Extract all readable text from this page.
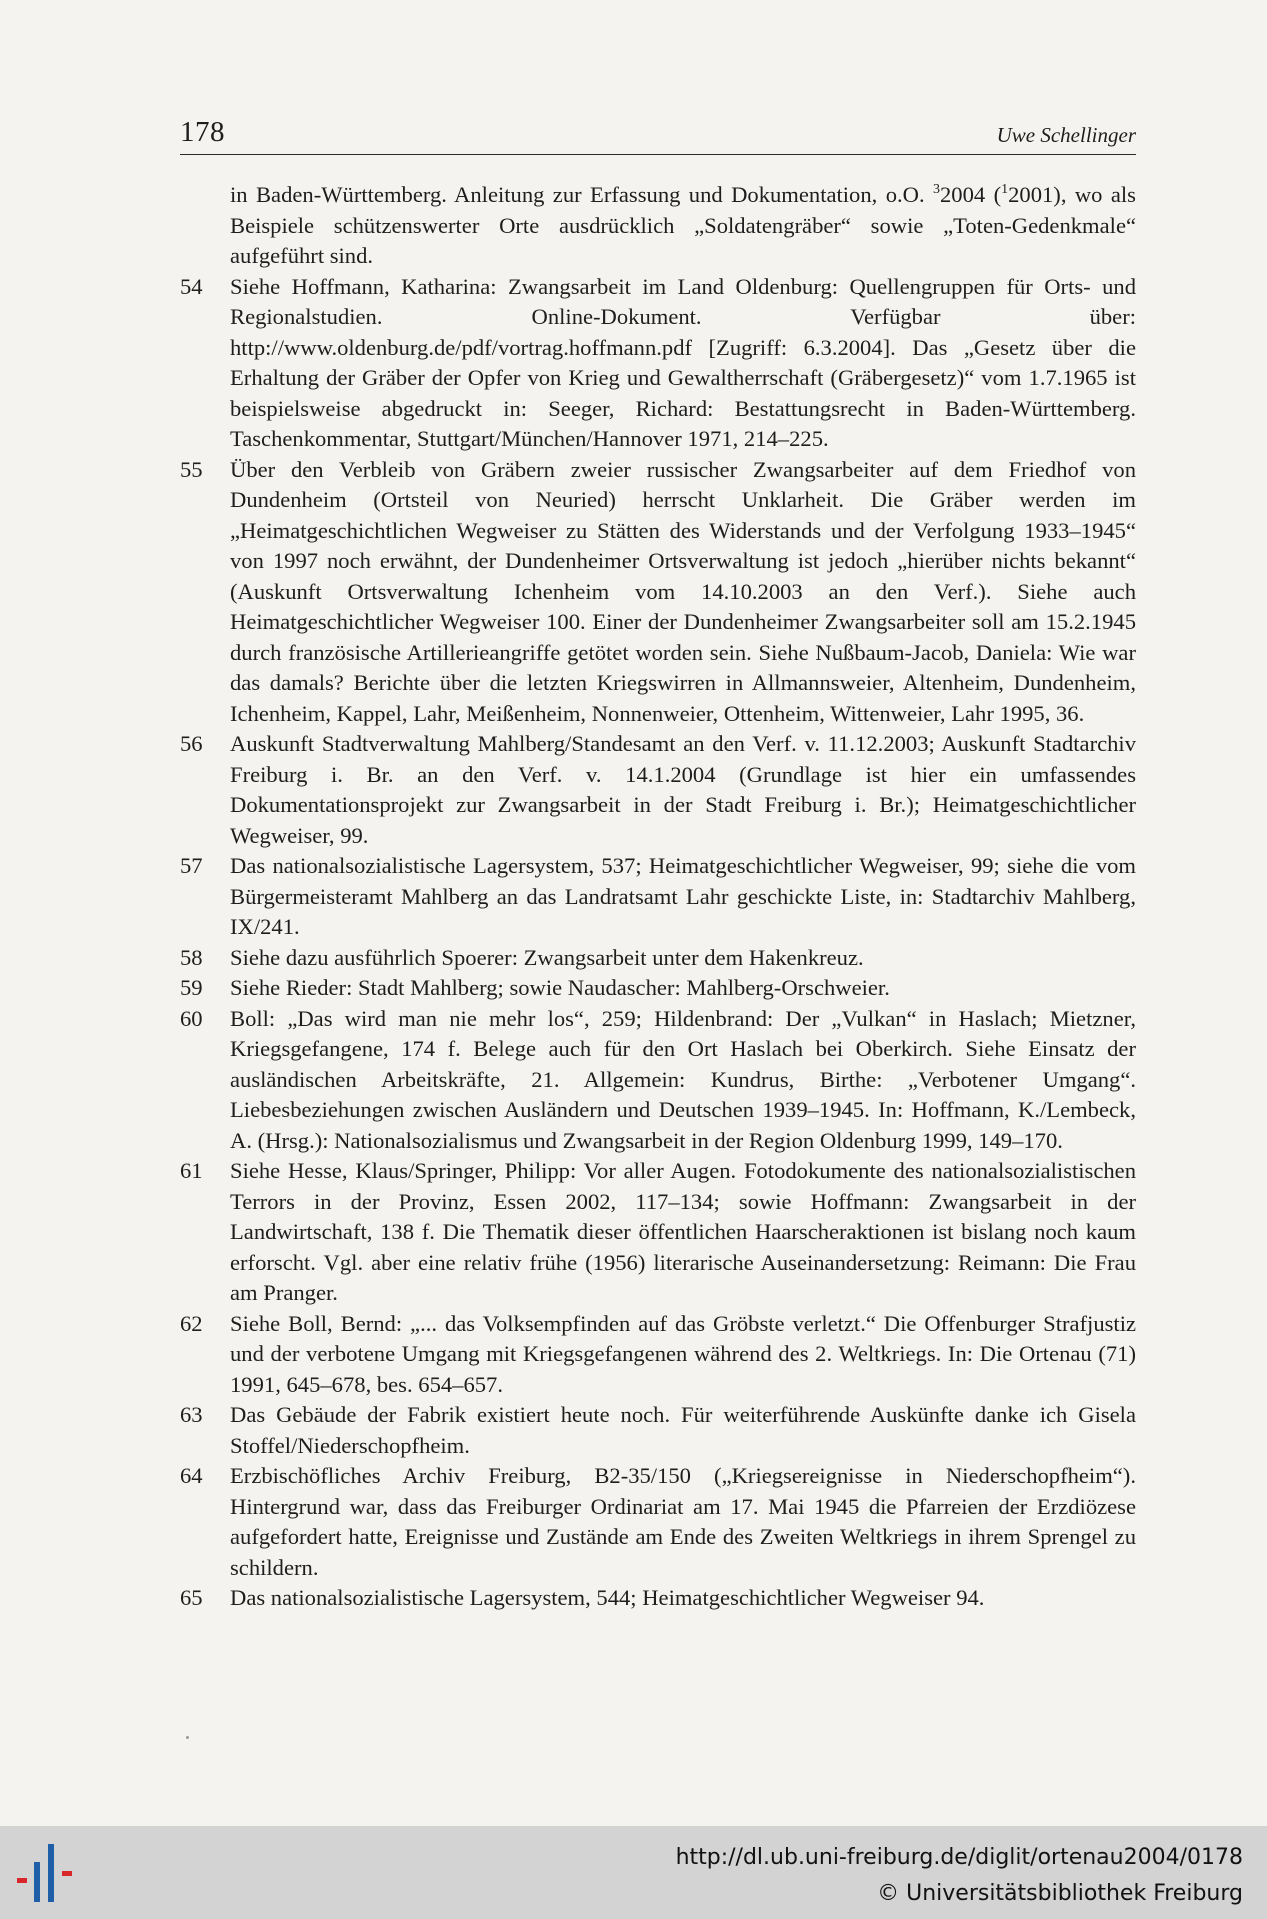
178	Uwe Schellinger
in Baden-Württemberg. Anleitung zur Erfassung und Dokumentation, o.O. $^3$2004 ($^1$2001), wo als Beispiele schützenswerter Orte ausdrücklich „Soldatengräber“ sowie „Toten-Gedenkmale“ aufgeführt sind.
54	Siehe Hoffmann, Katharina: Zwangsarbeit im Land Oldenburg: Quellengruppen für Orts- und Regionalstudien. Online-Dokument. Verfügbar über: http://www.oldenburg.de/pdf/vortrag.hoffmann.pdf [Zugriff: 6.3.2004]. Das „Gesetz über die Erhaltung der Gräber der Opfer von Krieg und Gewaltherrschaft (Gräbergesetz)“ vom 1.7.1965 ist beispielsweise abgedruckt in: Seeger, Richard: Bestattungsrecht in Baden-Württemberg. Taschenkommentar, Stuttgart/München/Hannover 1971, 214–225.
55	Über den Verbleib von Gräbern zweier russischer Zwangsarbeiter auf dem Friedhof von Dundenheim (Ortsteil von Neuried) herrscht Unklarheit. Die Gräber werden im „Heimatgeschichtlichen Wegweiser zu Stätten des Widerstands und der Verfolgung 1933–1945“ von 1997 noch erwähnt, der Dundenheimer Ortsverwaltung ist jedoch „hierüber nichts bekannt“ (Auskunft Ortsverwaltung Ichenheim vom 14.10.2003 an den Verf.). Siehe auch Heimatgeschichtlicher Wegweiser 100. Einer der Dundenheimer Zwangsarbeiter soll am 15.2.1945 durch französische Artillerieangriffe getötet worden sein. Siehe Nußbaum-Jacob, Daniela: Wie war das damals? Berichte über die letzten Kriegswirren in Allmannsweier, Altenheim, Dundenheim, Ichenheim, Kappel, Lahr, Meißenheim, Nonnenweier, Ottenheim, Wittenweier, Lahr 1995, 36.
56	Auskunft Stadtverwaltung Mahlberg/Standesamt an den Verf. v. 11.12.2003; Auskunft Stadtarchiv Freiburg i. Br. an den Verf. v. 14.1.2004 (Grundlage ist hier ein umfassendes Dokumentationsprojekt zur Zwangsarbeit in der Stadt Freiburg i. Br.); Heimatgeschichtlicher Wegweiser, 99.
57	Das nationalsozialistische Lagersystem, 537; Heimatgeschichtlicher Wegweiser, 99; siehe die vom Bürgermeisteramt Mahlberg an das Landratsamt Lahr geschickte Liste, in: Stadtarchiv Mahlberg, IX/241.
58	Siehe dazu ausführlich Spoerer: Zwangsarbeit unter dem Hakenkreuz.
59	Siehe Rieder: Stadt Mahlberg; sowie Naudascher: Mahlberg-Orschweier.
60	Boll: „Das wird man nie mehr los“, 259; Hildenbrand: Der „Vulkan“ in Haslach; Mietzner, Kriegsgefangene, 174 f. Belege auch für den Ort Haslach bei Oberkirch. Siehe Einsatz der ausländischen Arbeitskräfte, 21. Allgemein: Kundrus, Birthe: „Verbotener Umgang“. Liebesbeziehungen zwischen Ausländern und Deutschen 1939–1945. In: Hoffmann, K./Lembeck, A. (Hrsg.): Nationalsozialismus und Zwangsarbeit in der Region Oldenburg 1999, 149–170.
61	Siehe Hesse, Klaus/Springer, Philipp: Vor aller Augen. Fotodokumente des nationalsozialistischen Terrors in der Provinz, Essen 2002, 117–134; sowie Hoffmann: Zwangsarbeit in der Landwirtschaft, 138 f. Die Thematik dieser öffentlichen Haarscheraktionen ist bislang noch kaum erforscht. Vgl. aber eine relativ frühe (1956) literarische Auseinandersetzung: Reimann: Die Frau am Pranger.
62	Siehe Boll, Bernd: „... das Volksempfinden auf das Gröbste verletzt.“ Die Offenburger Strafjustiz und der verbotene Umgang mit Kriegsgefangenen während des 2. Weltkriegs. In: Die Ortenau (71) 1991, 645–678, bes. 654–657.
63	Das Gebäude der Fabrik existiert heute noch. Für weiterführende Auskünfte danke ich Gisela Stoffel/Niederschopfheim.
64	Erzbischöfliches Archiv Freiburg, B2-35/150 („Kriegsereignisse in Niederschopfheim“). Hintergrund war, dass das Freiburger Ordinariat am 17. Mai 1945 die Pfarreien der Erzdiözese aufgefordert hatte, Ereignisse und Zustände am Ende des Zweiten Weltkriegs in ihrem Sprengel zu schildern.
65	Das nationalsozialistische Lagersystem, 544; Heimatgeschichtlicher Wegweiser 94.
http://dl.ub.uni-freiburg.de/diglit/ortenau2004/0178
© Universitätsbibliothek Freiburg
